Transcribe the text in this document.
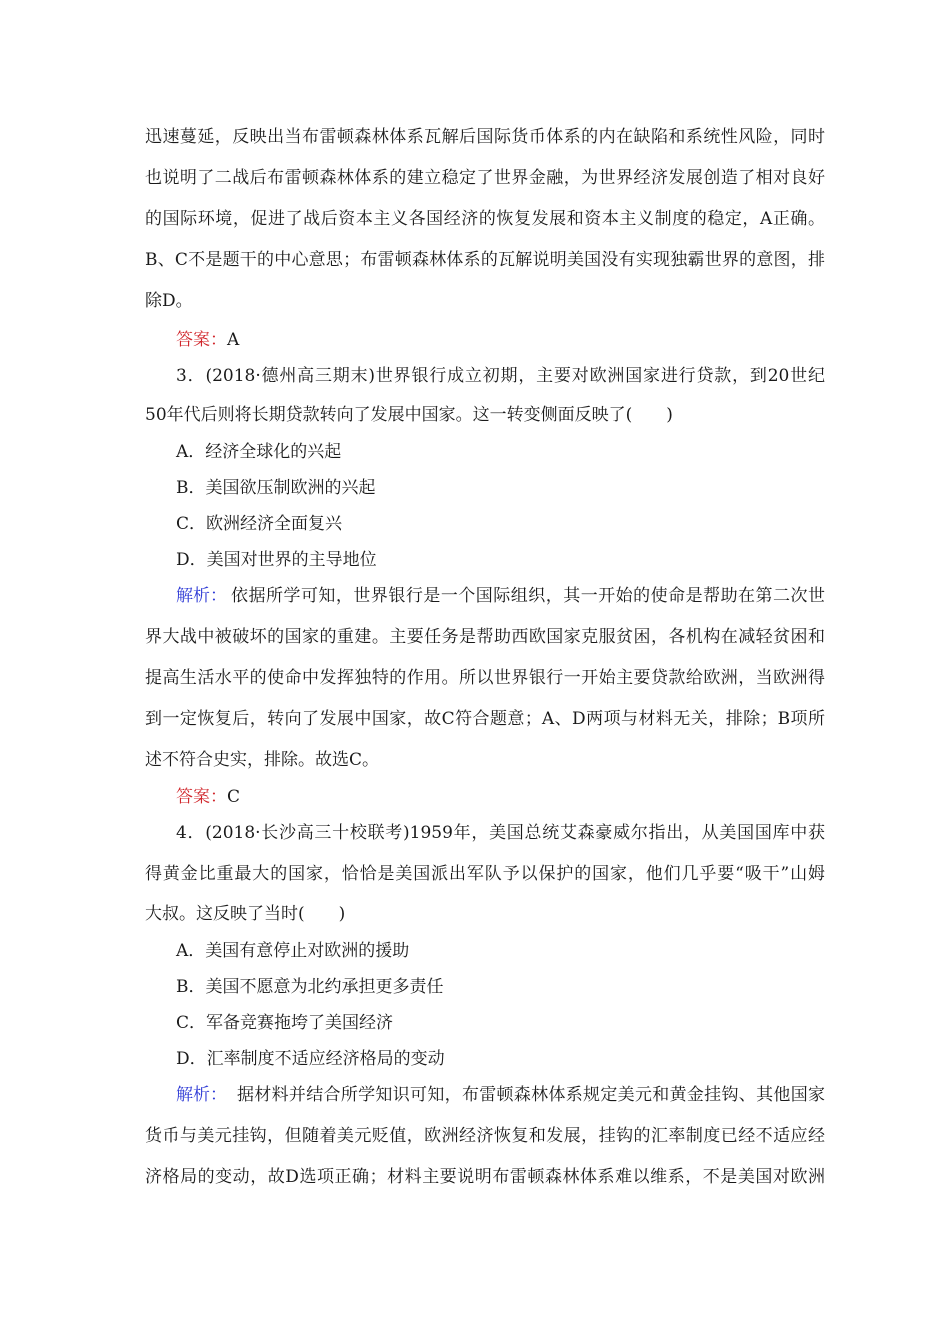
迅速蔓延，反映出当布雷顿森林体系瓦解后国际货币体系的内在缺陷和系统性风险，同时
也说明了二战后布雷顿森林体系的建立稳定了世界金融，为世界经济发展创造了相对良好
的国际环境，促进了战后资本主义各国经济的恢复发展和资本主义制度的稳定，A正确。
B、C不是题干的中心意思；布雷顿森林体系的瓦解说明美国没有实现独霸世界的意图，排
除D。
答案：A
3．(2018·德州高三期末)世界银行成立初期，主要对欧洲国家进行贷款，到20世纪
50年代后则将长期贷款转向了发展中国家。这一转变侧面反映了(　　)
A．经济全球化的兴起
B．美国欲压制欧洲的兴起
C．欧洲经济全面复兴
D．美国对世界的主导地位
解析： 依据所学可知，世界银行是一个国际组织，其一开始的使命是帮助在第二次世
界大战中被破坏的国家的重建。主要任务是帮助西欧国家克服贫困，各机构在减轻贫困和
提高生活水平的使命中发挥独特的作用。所以世界银行一开始主要贷款给欧洲，当欧洲得
到一定恢复后，转向了发展中国家，故C符合题意；A、D两项与材料无关，排除；B项所
述不符合史实，排除。故选C。
答案：C
4．(2018·长沙高三十校联考)1959年，美国总统艾森豪威尔指出，从美国国库中获
得黄金比重最大的国家，恰恰是美国派出军队予以保护的国家，他们几乎要“吸干”山姆
大叔。这反映了当时(　　)
A．美国有意停止对欧洲的援助
B．美国不愿意为北约承担更多责任
C．军备竞赛拖垮了美国经济
D．汇率制度不适应经济格局的变动
解析： 据材料并结合所学知识可知，布雷顿森林体系规定美元和黄金挂钩、其他国家
货币与美元挂钩，但随着美元贬值，欧洲经济恢复和发展，挂钩的汇率制度已经不适应经
济格局的变动，故D选项正确；材料主要说明布雷顿森林体系难以维系，不是美国对欧洲
